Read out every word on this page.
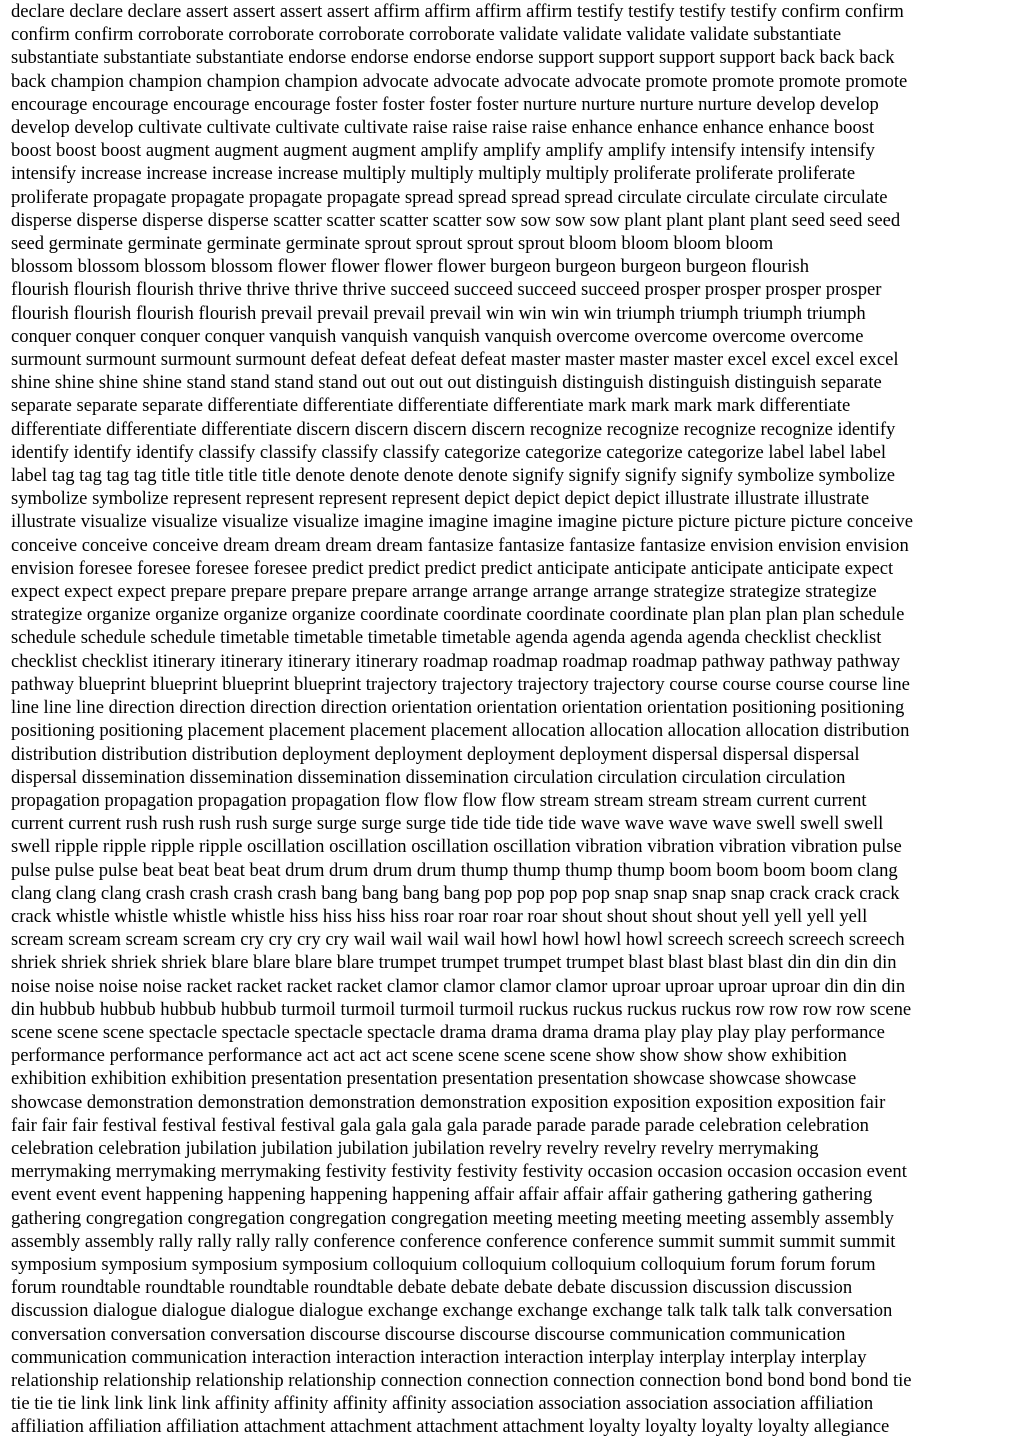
declare declare declare assert assert assert assert affirm affirm affirm affirm testify testify testify testify confirm confirm
confirm confirm corroborate corroborate corroborate corroborate validate validate validate validate substantiate
substantiate substantiate substantiate endorse endorse endorse endorse support support support support back back back
back champion champion champion champion advocate advocate advocate advocate promote promote promote promote
encourage encourage encourage encourage foster foster foster foster nurture nurture nurture nurture develop develop
develop develop cultivate cultivate cultivate cultivate raise raise raise raise enhance enhance enhance enhance boost
boost boost boost augment augment augment augment amplify amplify amplify amplify intensify intensify intensify
intensify increase increase increase increase multiply multiply multiply multiply proliferate proliferate proliferate
proliferate propagate propagate propagate propagate spread spread spread spread circulate circulate circulate circulate
disperse disperse disperse disperse scatter scatter scatter scatter sow sow sow sow plant plant plant plant seed seed seed
seed germinate germinate germinate germinate sprout sprout sprout sprout bloom bloom bloom bloom
blossom blossom blossom blossom flower flower flower flower burgeon burgeon burgeon burgeon flourish
flourish flourish flourish thrive thrive thrive thrive succeed succeed succeed succeed prosper prosper prosper prosper
flourish flourish flourish flourish prevail prevail prevail prevail win win win win triumph triumph triumph triumph
conquer conquer conquer conquer vanquish vanquish vanquish vanquish overcome overcome overcome overcome
surmount surmount surmount surmount defeat defeat defeat defeat master master master master excel excel excel excel
shine shine shine shine stand stand stand stand out out out out distinguish distinguish distinguish distinguish separate
separate separate separate differentiate differentiate differentiate differentiate mark mark mark mark differentiate
differentiate differentiate differentiate discern discern discern discern recognize recognize recognize recognize identify
identify identify identify classify classify classify classify categorize categorize categorize categorize label label label
label tag tag tag tag title title title title denote denote denote denote signify signify signify signify symbolize symbolize
symbolize symbolize represent represent represent represent depict depict depict depict illustrate illustrate illustrate
illustrate visualize visualize visualize visualize imagine imagine imagine imagine picture picture picture picture conceive
conceive conceive conceive dream dream dream dream fantasize fantasize fantasize fantasize envision envision envision
envision foresee foresee foresee foresee predict predict predict predict anticipate anticipate anticipate anticipate expect
expect expect expect prepare prepare prepare prepare arrange arrange arrange arrange strategize strategize strategize
strategize organize organize organize organize coordinate coordinate coordinate coordinate plan plan plan plan schedule
schedule schedule schedule timetable timetable timetable timetable agenda agenda agenda agenda checklist checklist
checklist checklist itinerary itinerary itinerary itinerary roadmap roadmap roadmap roadmap pathway pathway pathway
pathway blueprint blueprint blueprint blueprint trajectory trajectory trajectory trajectory course course course course line
line line line direction direction direction direction orientation orientation orientation orientation positioning positioning
positioning positioning placement placement placement placement allocation allocation allocation allocation distribution
distribution distribution distribution deployment deployment deployment deployment dispersal dispersal dispersal
dispersal dissemination dissemination dissemination dissemination circulation circulation circulation circulation
propagation propagation propagation propagation flow flow flow flow stream stream stream stream current current
current current rush rush rush rush surge surge surge surge tide tide tide tide wave wave wave wave swell swell swell
swell ripple ripple ripple ripple oscillation oscillation oscillation oscillation vibration vibration vibration vibration pulse
pulse pulse pulse beat beat beat beat drum drum drum drum thump thump thump thump boom boom boom boom clang
clang clang clang crash crash crash crash bang bang bang bang pop pop pop pop snap snap snap snap crack crack crack
crack whistle whistle whistle whistle hiss hiss hiss hiss roar roar roar roar shout shout shout shout yell yell yell yell
scream scream scream scream cry cry cry cry wail wail wail wail howl howl howl howl screech screech screech screech
shriek shriek shriek shriek blare blare blare blare trumpet trumpet trumpet trumpet blast blast blast blast din din din din
noise noise noise noise racket racket racket racket clamor clamor clamor clamor uproar uproar uproar uproar din din din
din hubbub hubbub hubbub hubbub turmoil turmoil turmoil turmoil ruckus ruckus ruckus ruckus row row row row scene
scene scene scene spectacle spectacle spectacle spectacle drama drama drama drama play play play play performance
performance performance performance act act act act scene scene scene scene show show show show exhibition
exhibition exhibition exhibition presentation presentation presentation presentation showcase showcase showcase
showcase demonstration demonstration demonstration demonstration exposition exposition exposition exposition fair
fair fair fair festival festival festival festival gala gala gala gala parade parade parade parade celebration celebration
celebration celebration jubilation jubilation jubilation jubilation revelry revelry revelry revelry merrymaking
merrymaking merrymaking merrymaking festivity festivity festivity festivity occasion occasion occasion occasion event
event event event happening happening happening happening affair affair affair affair gathering gathering gathering
gathering congregation congregation congregation congregation meeting meeting meeting meeting assembly assembly
assembly assembly rally rally rally rally conference conference conference conference summit summit summit summit
symposium symposium symposium symposium colloquium colloquium colloquium colloquium forum forum forum
forum roundtable roundtable roundtable roundtable debate debate debate debate discussion discussion discussion
discussion dialogue dialogue dialogue dialogue exchange exchange exchange exchange talk talk talk talk conversation
conversation conversation conversation discourse discourse discourse discourse communication communication
communication communication interaction interaction interaction interaction interplay interplay interplay interplay
relationship relationship relationship relationship connection connection connection connection bond bond bond bond tie
tie tie tie link link link link affinity affinity affinity affinity association association association association affiliation
affiliation affiliation affiliation attachment attachment attachment attachment loyalty loyalty loyalty loyalty allegiance
